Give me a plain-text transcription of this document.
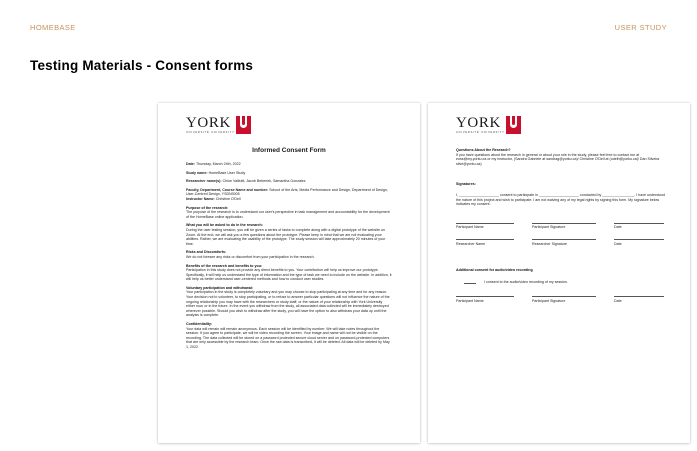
HOMEBASE	USER STUDY
Testing Materials - Consent forms
YORK
UNIVERSITÉ UNIVERSITY
Informed Consent Form
Date: Thursday, March 24th, 2022
Study name: HomeBase User Study
Researcher name(s): Chloe Valliutti, Jacob Bebenek, Samantha Gonzalez
Faculty, Department, Course Name and number: School of the Arts, Media Performance and Design, Department of Design, User-Centred Design, YSDN3005
Instructor Name: Christine O'Dell
Purpose of the research:
The purpose of the research is to understand our user's perspective in task management and accountability for the development of the HomeBase online application.
What you will be asked to do in the research:
During the user testing session, you will be given a series of tasks to complete along with a digital prototype of the website on Zoom. At the end, we will ask you a few questions about the prototype. Please keep in mind that we are not evaluating your abilities. Rather, we are evaluating the usability of the prototype. The study session will take approximately 20 minutes of your time.
Risks and Discomforts:
We do not foresee any risks or discomfort from your participation in the research.
Benefits of the research and benefits to you:
Participation in this study does not provide any direct benefits to you. Your contribution will help us improve our prototype. Specifically, it will help us understand the type of information and the type of task we need to include on the website. In addition, it will help us better understand user-centered methods and how to conduct user studies.
Voluntary participation and withdrawal:
Your participation in the study is completely voluntary and you may choose to stop participating at any time and for any reason. Your decision not to volunteer, to stop participating, or to refuse to answer particular questions will not influence the nature of the ongoing relationship you may have with the researchers or study staff, or the nature of your relationship with York University either now, or in the future. In the event you withdraw from the study, all associated data collected will be immediately destroyed wherever possible. Should you wish to withdraw after the study, you will have the option to also withdraw your data up until the analysis is complete.
Confidentiality:
Your data will remain will remain anonymous. Each session will be identified by number. We will take notes throughout the session. If you agree to participate, we will be video recording the screen. Your image and name will not be visible on the recording. The data collected will be stored on a password protected secure cloud server and on password-protected computers that are only accessible by the research team. Once the raw data is transcribed, it will be deleted. All data will be deleted by May 1, 2022.
YORK
UNIVERSITÉ UNIVERSITY
Questions About the Research?
If you have questions about the research in general or about your role in the study, please feel free to contact me at eoss@my.yorku.ca or my instructor, (Sandra Gabriele at sandrag@yorku.ca)/ Christine O'Dell at (odelh@yorku.ca)/ Dan Silveira silvri@yorku.ca)
Signatures:
I, ____________________ consent to participate in ____________________ conducted by ________________. I have understood the nature of this project and wish to participate. I am not waiving any of my legal rights by signing this form. My signature below indicates my consent.
Participant Name	Participant Signature	Date
Researcher Name	Researcher Signature	Date
Additional consent for audio/video recording
I consent to the audio/video recording of my session.
Participant Name	Participant Signature	Date
